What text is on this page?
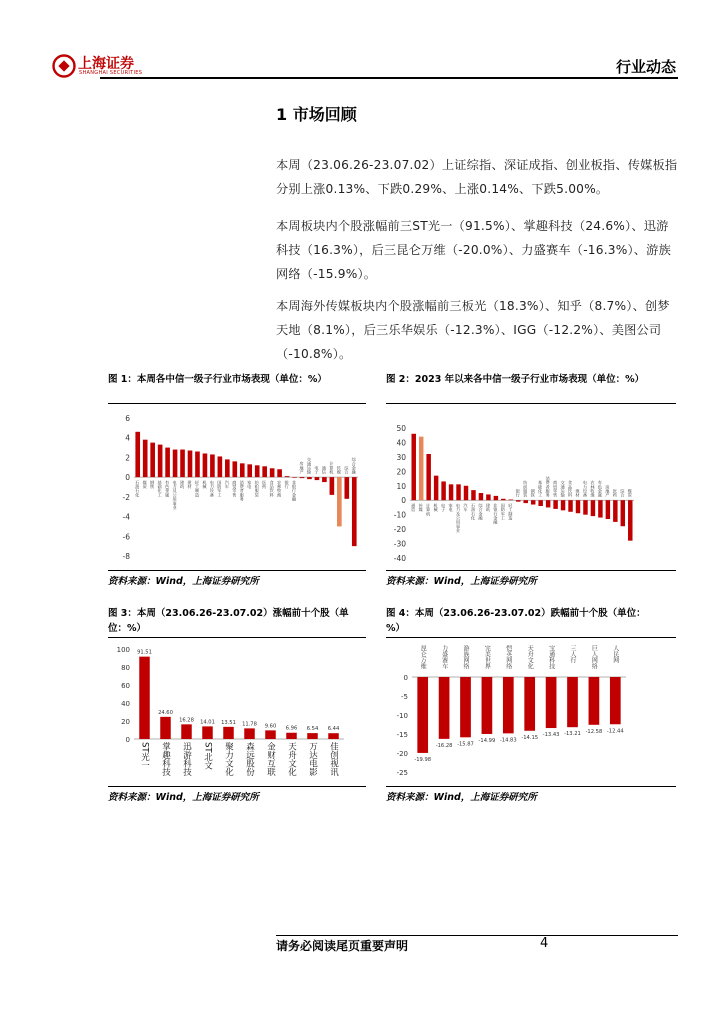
上海证券
SHANGHAI SECURITIES	行业动态
1 市场回顾
本周（23.06.26-23.07.02）上证综指、深证成指、创业板指、传媒板指分别上涨0.13%、下跌0.29%、上涨0.14%、下跌5.00%。
本周板块内个股涨幅前三ST光一（91.5%）、掌趣科技（24.6%）、迅游科技（16.3%），后三昆仑万维（-20.0%）、力盛赛车（-16.3%）、游族网络（-15.9%）。
本周海外传媒板块内个股涨幅前三板光（18.3%）、知乎（8.7%）、创梦天地（8.1%），后三乐华娱乐（-12.3%）、IGG（-12.2%）、美图公司（-10.8%）。
图 1：本周各中信一级子行业市场表现（单位：%）
-8
-6
-4
-2
0
2
4
6
石油石化 煤炭 钢铁 基础化工 有色金属 电力及公用事业 建筑 建材 轻工制造 机械 电力设备 国防军工 汽车 商贸零售 消费者服务 家电 纺织服装 医药 食品饮料 农林牧渔 银行 非银行金融
房地产 交通运输 电子 通信 计算机 传媒 综合 综合金融
资料来源：Wind，上海证券研究所
图 2：2023 年以来各中信一级子行业市场表现（单位：%）
-40
-30
-20
-10
0
10
20
30
40
50
通信 传媒 计算机 机械 电子 家电 电力及公用事业 汽车 石油石化 综合金融 建筑 非银行金融 国防军工 轻工制造
银行 纺织服装 钢铁 基础化工 消费者服务 商贸零售 交通运输 食品饮料 建材 电力设备 农林牧渔 有色金属 房地产 医药 综合 煤炭
资料来源：Wind，上海证券研究所
图 3：本周（23.06.26-23.07.02）涨幅前十个股（单位：%）
0
20
40
60
80
100
ST光一
91.51
掌趣科技
24.60
迅游科技
16.28
ST北文
14.01
聚力文化
13.51
森远股份
11.78
金财互联
9.60
天舟文化
6.96
万达电影
6.54
佳创视讯
6.44
资料来源：Wind，上海证券研究所
图 4：本周（23.06.26-23.07.02）跌幅前十个股（单位：%）
-25
-20
-15
-10
-5
0
昆仑万维
-19.98
力盛赛车
-16.28
游族网络
-15.87
完美世界
-14.99
恺英网络
-14.83
天舟文化
-14.15
宝通科技
-13.43
三人行
-13.21
巨人网络
-12.58
人民网
-12.44
资料来源：Wind，上海证券研究所
请务必阅读尾页重要声明	4
